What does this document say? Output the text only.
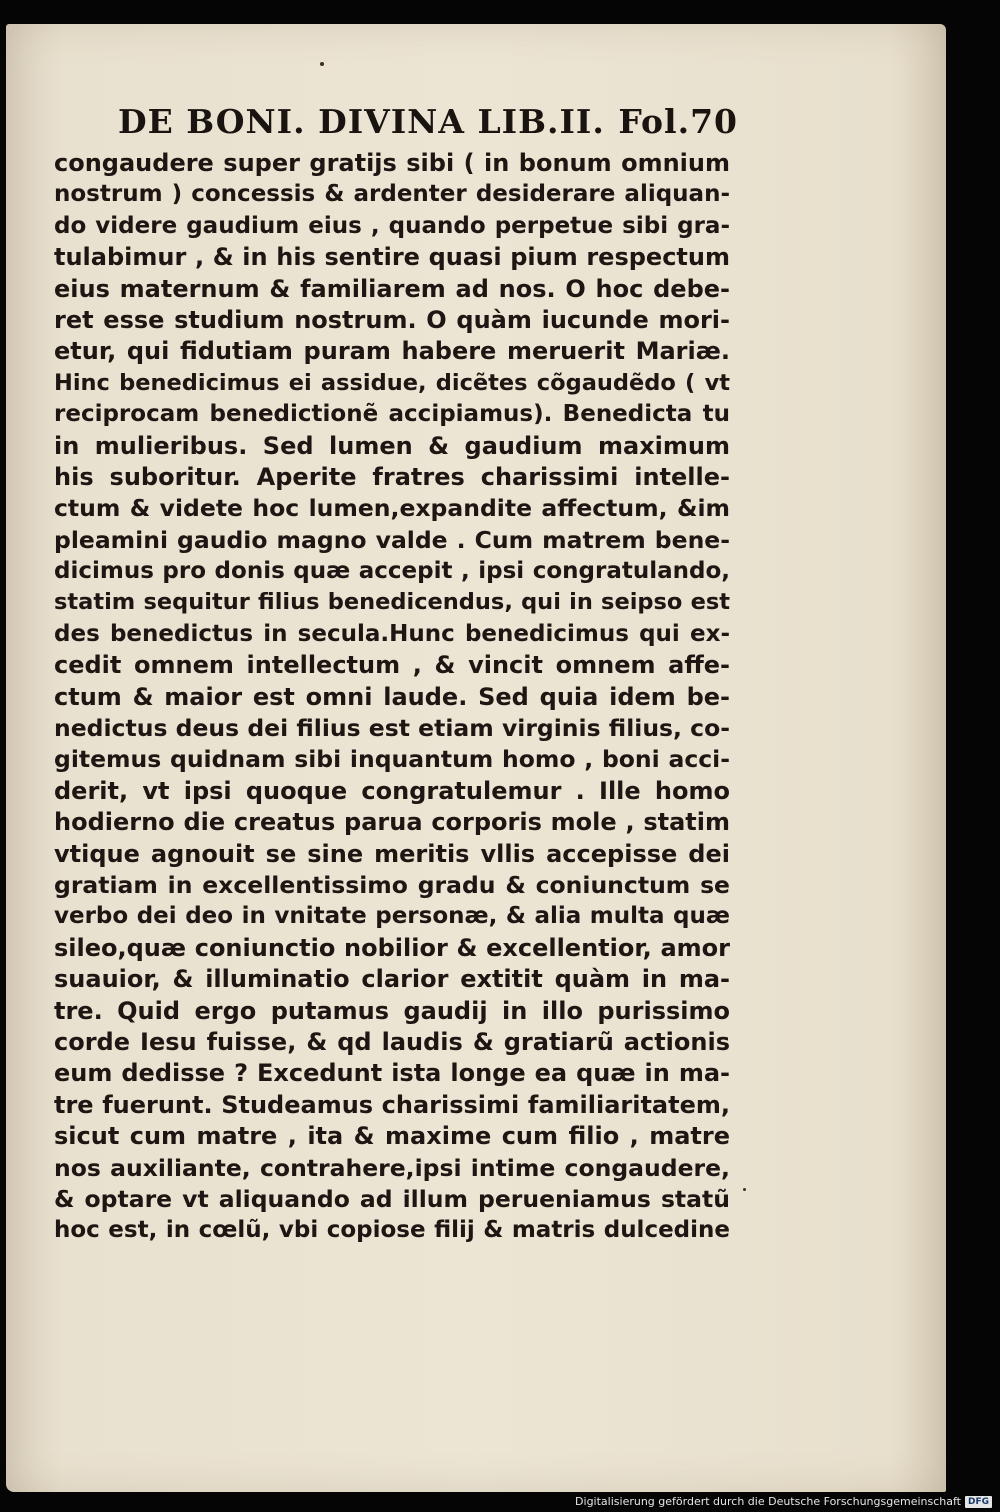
DE BONI. DIVINA LIB.II. Fol.70
congaudere super gratijs sibi ( in bonum omnium
nostrum ) concessis & ardenter desiderare aliquan-
do videre gaudium eius , quando perpetue sibi gra-
tulabimur , & in his sentire quasi pium respectum
eius maternum & familiarem ad nos. O hoc debe-
ret esse studium nostrum. O quàm iucunde mori-
etur, qui fidutiam puram habere meruerit Mariæ.
Hinc benedicimus ei assidue, dicẽtes cõgaudẽdo ( vt
reciprocam benedictionẽ accipiamus). Benedicta tu
in mulieribus. Sed lumen & gaudium maximum
his suboritur. Aperite fratres charissimi intelle-
ctum & videte hoc lumen,expandite affectum, &im
pleamini gaudio magno valde . Cum matrem bene-
dicimus pro donis quæ accepit , ipsi congratulando,
statim sequitur filius benedicendus, qui in seipso est
des benedictus in secula.Hunc benedicimus qui ex-
cedit omnem intellectum , & vincit omnem affe-
ctum & maior est omni laude. Sed quia idem be-
nedictus deus dei filius est etiam virginis filius, co-
gitemus quidnam sibi inquantum homo , boni acci-
derit, vt ipsi quoque congratulemur . Ille homo
hodierno die creatus parua corporis mole , statim
vtique agnouit se sine meritis vllis accepisse dei
gratiam in excellentissimo gradu & coniunctum se
verbo dei deo in vnitate personæ, & alia multa quæ
sileo,quæ coniunctio nobilior & excellentior, amor
suauior, & illuminatio clarior extitit quàm in ma-
tre. Quid ergo putamus gaudij in illo purissimo
corde Iesu fuisse, & qd laudis & gratiarũ actionis
eum dedisse ? Excedunt ista longe ea quæ in ma-
tre fuerunt. Studeamus charissimi familiaritatem,
sicut cum matre , ita & maxime cum filio , matre
nos auxiliante, contrahere,ipsi intime congaudere,
& optare vt aliquando ad illum perueniamus statũ
hoc est, in cœlũ, vbi copiose filij & matris dulcedine
Digitalisierung gefördert durch die Deutsche Forschungsgemeinschaft DFG
